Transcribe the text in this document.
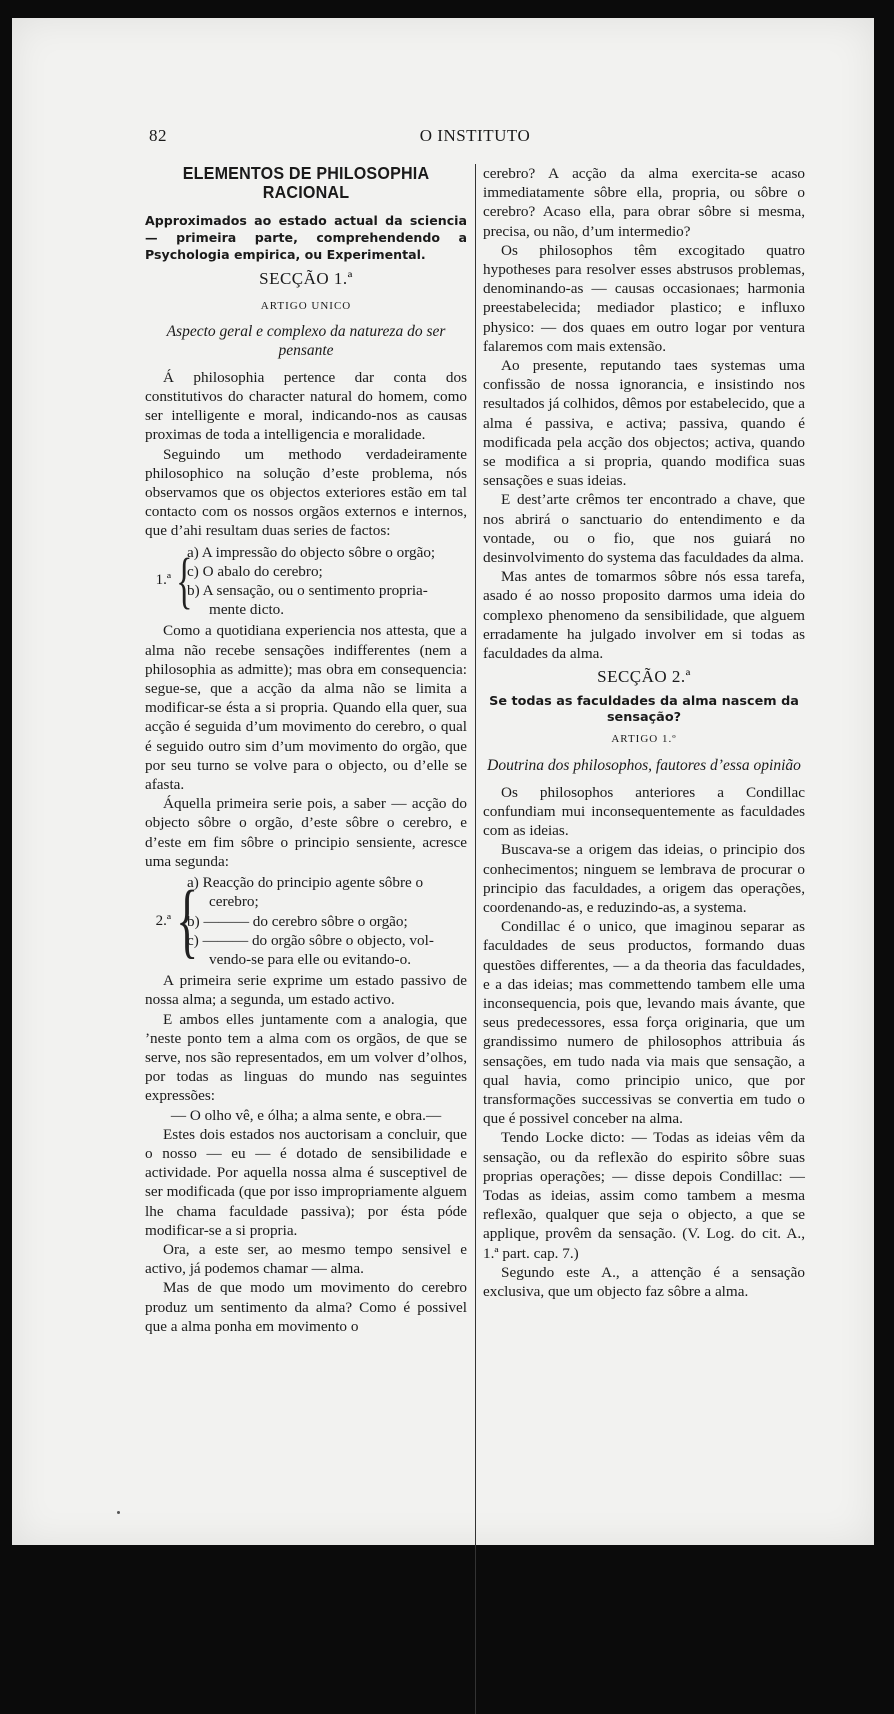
82	O INSTITUTO
ELEMENTOS DE PHILOSOPHIA RACIONAL
Approximados ao estado actual da sciencia — primeira parte, comprehendendo a Psychologia empirica, ou Experimental.
SECÇÃO 1.ª
ARTIGO UNICO
Aspecto geral e complexo da natureza do ser pensante

Á philosophia pertence dar conta dos constitutivos do character natural do homem, como ser intelligente e moral, indicando-nos as causas proximas de toda a intelligencia e moralidade.

Seguindo um methodo verdadeiramente philosophico na solução d’este problema, nós observamos que os objectos exteriores estão em tal contacto com os nossos orgãos externos e internos, que d’ahi resultam duas series de factos:

1.ª {
a) A impressão do objecto sôbre o orgão;
c) O abalo do cerebro;
b) A sensação, ou o sentimento propria-
mente dicto.

Como a quotidiana experiencia nos attesta, que a alma não recebe sensações indifferentes (nem a philosophia as admitte); mas obra em consequencia: segue-se, que a acção da alma não se limita a modificar-se ésta a si propria. Quando ella quer, sua acção é seguida d’um movimento do cerebro, o qual é seguido outro sim d’um movimento do orgão, que por seu turno se volve para o objecto, ou d’elle se afasta.

Áquella primeira serie pois, a saber — acção do objecto sôbre o orgão, d’este sôbre o cerebro, e d’este em fim sôbre o principio sensiente, acresce uma segunda:

2.ª {
a) Reacção do principio agente sôbre o
cerebro;
b) ——— do cerebro sôbre o orgão;
c) ——— do orgão sôbre o objecto, vol-
vendo-se para elle ou evitando-o.

A primeira serie exprime um estado passivo de nossa alma; a segunda, um estado activo.

E ambos elles juntamente com a analogia, que ’neste ponto tem a alma com os orgãos, de que se serve, nos são representados, em um volver d’olhos, por todas as linguas do mundo nas seguintes expressões:

— O olho vê, e ólha; a alma sente, e obra.—

Estes dois estados nos auctorisam a concluir, que o nosso — eu — é dotado de sensibilidade e actividade. Por aquella nossa alma é susceptivel de ser modificada (que por isso impropriamente alguem lhe chama faculdade passiva); por ésta póde modificar-se a si propria.

Ora, a este ser, ao mesmo tempo sensivel e activo, já podemos chamar — alma.

Mas de que modo um movimento do cerebro produz um sentimento da alma? Como é possivel que a alma ponha em movimento o

cerebro? A acção da alma exercita-se acaso immediatamente sôbre ella, propria, ou sôbre o cerebro? Acaso ella, para obrar sôbre si mesma, precisa, ou não, d’um intermedio?

Os philosophos têm excogitado quatro hypotheses para resolver esses abstrusos problemas, denominando-as — causas occasionaes; harmonia preestabelecida; mediador plastico; e influxo physico: — dos quaes em outro logar por ventura falaremos com mais extensão.

Ao presente, reputando taes systemas uma confissão de nossa ignorancia, e insistindo nos resultados já colhidos, dêmos por estabelecido, que a alma é passiva, e activa; passiva, quando é modificada pela acção dos objectos; activa, quando se modifica a si propria, quando modifica suas sensações e suas ideias.

E dest’arte crêmos ter encontrado a chave, que nos abrirá o sanctuario do entendimento e da vontade, ou o fio, que nos guiará no desinvolvimento do systema das faculdades da alma.

Mas antes de tomarmos sôbre nós essa tarefa, asado é ao nosso proposito darmos uma ideia do complexo phenomeno da sensibilidade, que alguem erradamente ha julgado involver em si todas as faculdades da alma.

SECÇÃO 2.ª
Se todas as faculdades da alma nascem da sensação?
ARTIGO 1.º
Doutrina dos philosophos, fautores d’essa opinião

Os philosophos anteriores a Condillac confundiam mui inconsequentemente as faculdades com as ideias.

Buscava-se a origem das ideias, o principio dos conhecimentos; ninguem se lembrava de procurar o principio das faculdades, a origem das operações, coordenando-as, e reduzindo-as, a systema.

Condillac é o unico, que imaginou separar as faculdades de seus productos, formando duas questões differentes, — a da theoria das faculdades, e a das ideias; mas commettendo tambem elle uma inconsequencia, pois que, levando mais ávante, que seus predecessores, essa força originaria, que um grandissimo numero de philosophos attribuia ás sensações, em tudo nada via mais que sensação, a qual havia, como principio unico, que por transformações successivas se convertia em tudo o que é possivel conceber na alma.

Tendo Locke dicto: — Todas as ideias vêm da sensação, ou da reflexão do espirito sôbre suas proprias operações; — disse depois Condillac: — Todas as ideias, assim como tambem a mesma reflexão, qualquer que seja o objecto, a que se applique, provêm da sensação. (V. Log. do cit. A., 1.ª part. cap. 7.)

Segundo este A., a attenção é a sensação exclusiva, que um objecto faz sôbre a alma.
